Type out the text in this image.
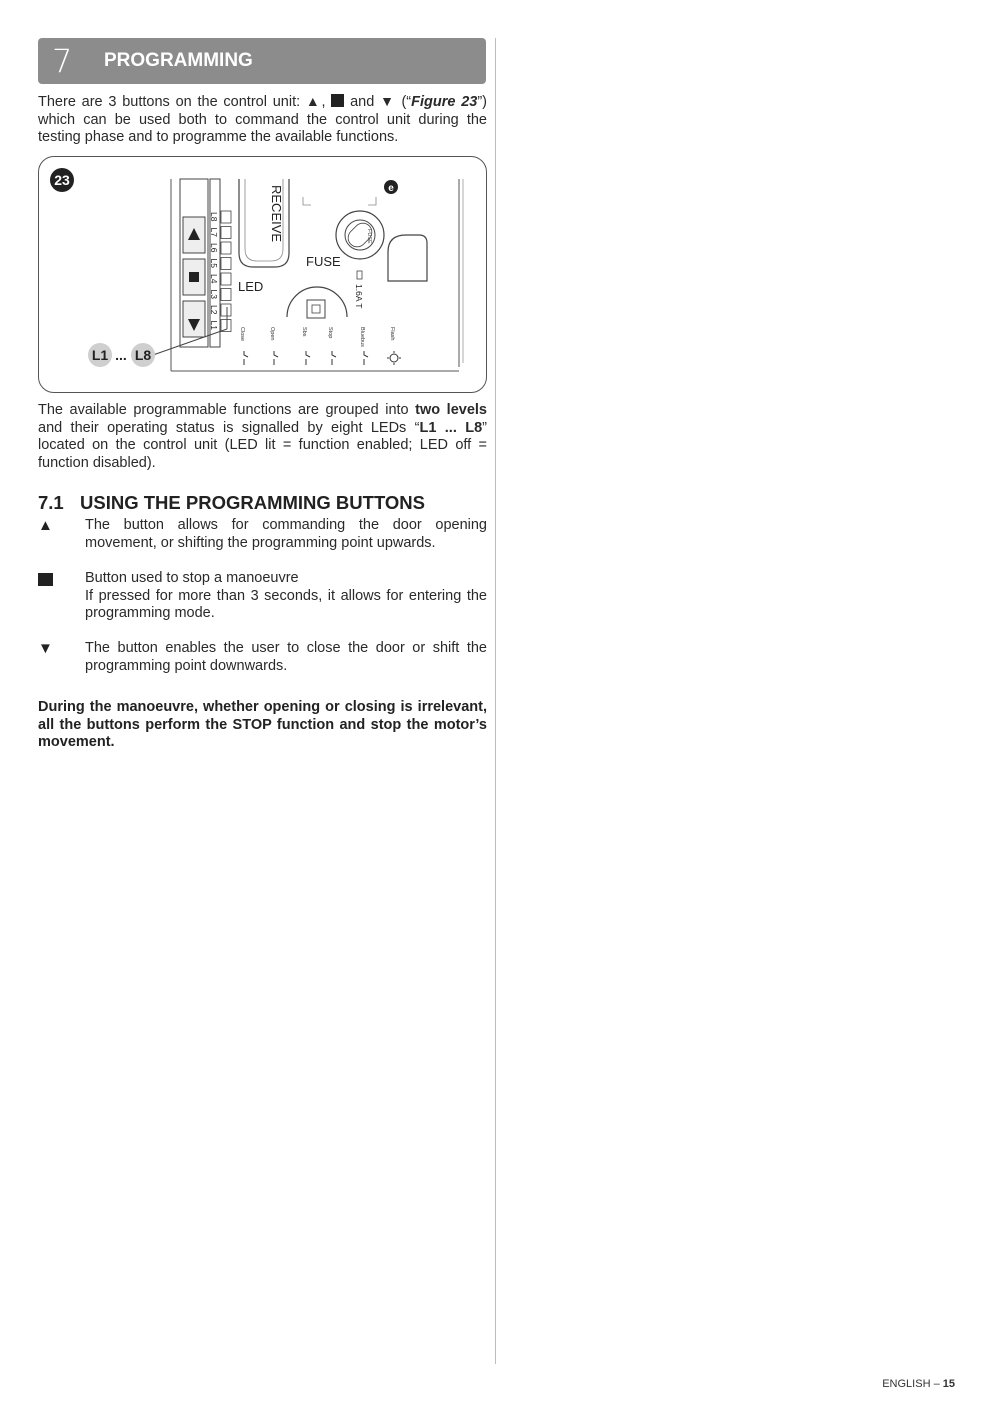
7 PROGRAMMING

There are 3 buttons on the control unit: ▲,  and ▼ (“Figure 23”) which can be used both to command the control unit during the testing phase and to programme the available functions.

23
L8
L7
L6
L5
L4
L3
L2
L1
RECEIVE	FUSE
FUSE
1.6A T
LED
e
Close	Open	Sbs	Stop	Bluebus	Flash
L1 ... L8

The available programmable functions are grouped into two levels and their operating status is signalled by eight LEDs “L1 ... L8” located on the control unit (LED lit = function enabled; LED off = function disabled).

7.1 USING THE PROGRAMMING BUTTONS
▲	The button allows for commanding the door opening movement, or shifting the programming point upwards.
Button used to stop a manoeuvre
If pressed for more than 3 seconds, it allows for entering the programming mode.
▼	The button enables the user to close the door or shift the programming point downwards.

During the manoeuvre, whether opening or closing is irrelevant, all the buttons perform the STOP function and stop the motor’s movement.

ENGLISH – 15
